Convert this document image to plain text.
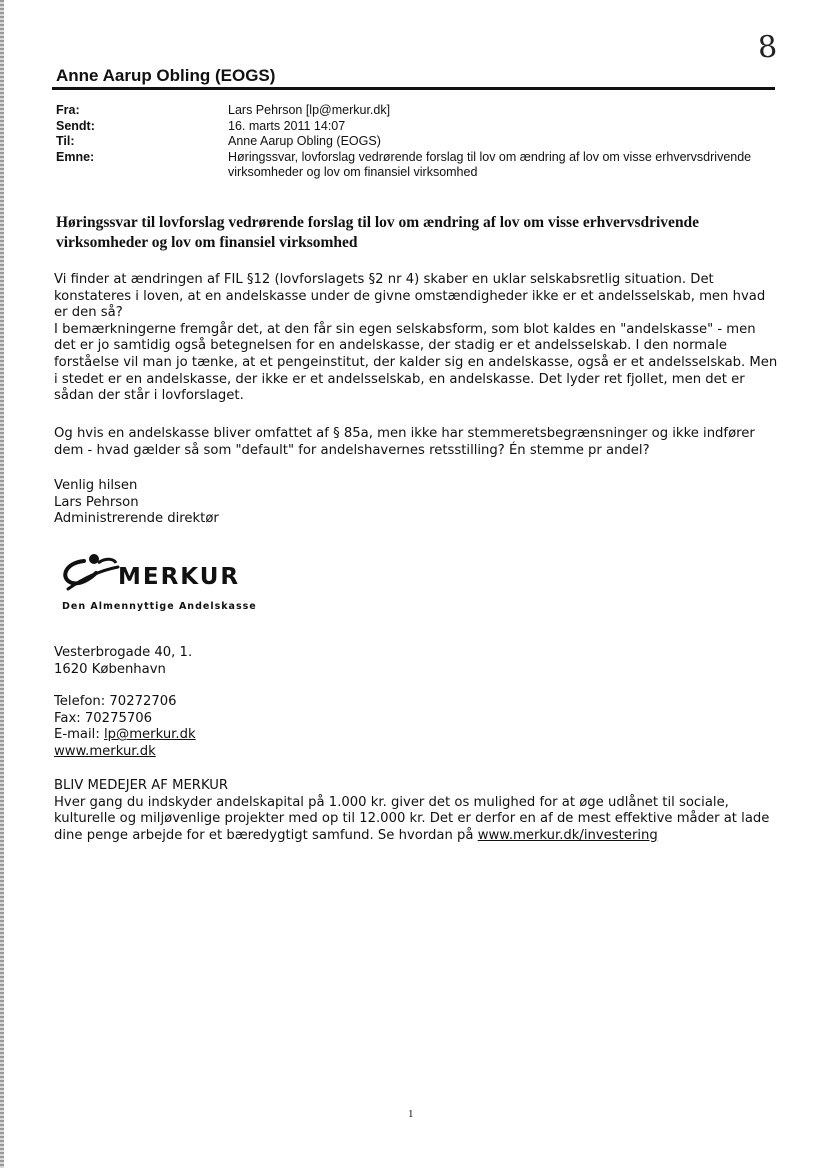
8
Anne Aarup Obling (EOGS)
Fra:	Lars Pehrson [lp@merkur.dk]
Sendt:	16. marts 2011 14:07
Til:	Anne Aarup Obling (EOGS)
Emne:	Høringssvar, lovforslag vedrørende forslag til lov om ændring af lov om visse erhvervsdrivende virksomheder og lov om finansiel virksomhed
Høringssvar til lovforslag vedrørende forslag til lov om ændring af lov om visse erhvervsdrivende virksomheder og lov om finansiel virksomhed
Vi finder at ændringen af FIL §12 (lovforslagets §2 nr 4) skaber en uklar selskabsretlig situation. Det konstateres i loven, at en andelskasse under de givne omstændigheder ikke er et andelsselskab, men hvad er den så?
I bemærkningerne fremgår det, at den får sin egen selskabsform, som blot kaldes en "andelskasse" - men det er jo samtidig også betegnelsen for en andelskasse, der stadig er et andelsselskab. I den normale forståelse vil man jo tænke, at et pengeinstitut, der kalder sig en andelskasse, også er et andelsselskab. Men i stedet er en andelskasse, der ikke er et andelsselskab, en andelskasse. Det lyder ret fjollet, men det er sådan der står i lovforslaget.
Og hvis en andelskasse bliver omfattet af § 85a, men ikke har stemmeretsbegrænsninger og ikke indfører dem - hvad gælder så som "default" for andelshavernes retsstilling? Én stemme pr andel?
Venlig hilsen
Lars Pehrson
Administrerende direktør
MERKUR
Den Almennyttige Andelskasse
Vesterbrogade 40, 1.
1620 København
Telefon: 70272706
Fax: 70275706
E-mail: lp@merkur.dk
www.merkur.dk
BLIV MEDEJER AF MERKUR
Hver gang du indskyder andelskapital på 1.000 kr. giver det os mulighed for at øge udlånet til sociale, kulturelle og miljøvenlige projekter med op til 12.000 kr. Det er derfor en af de mest effektive måder at lade dine penge arbejde for et bæredygtigt samfund. Se hvordan på www.merkur.dk/investering
1
